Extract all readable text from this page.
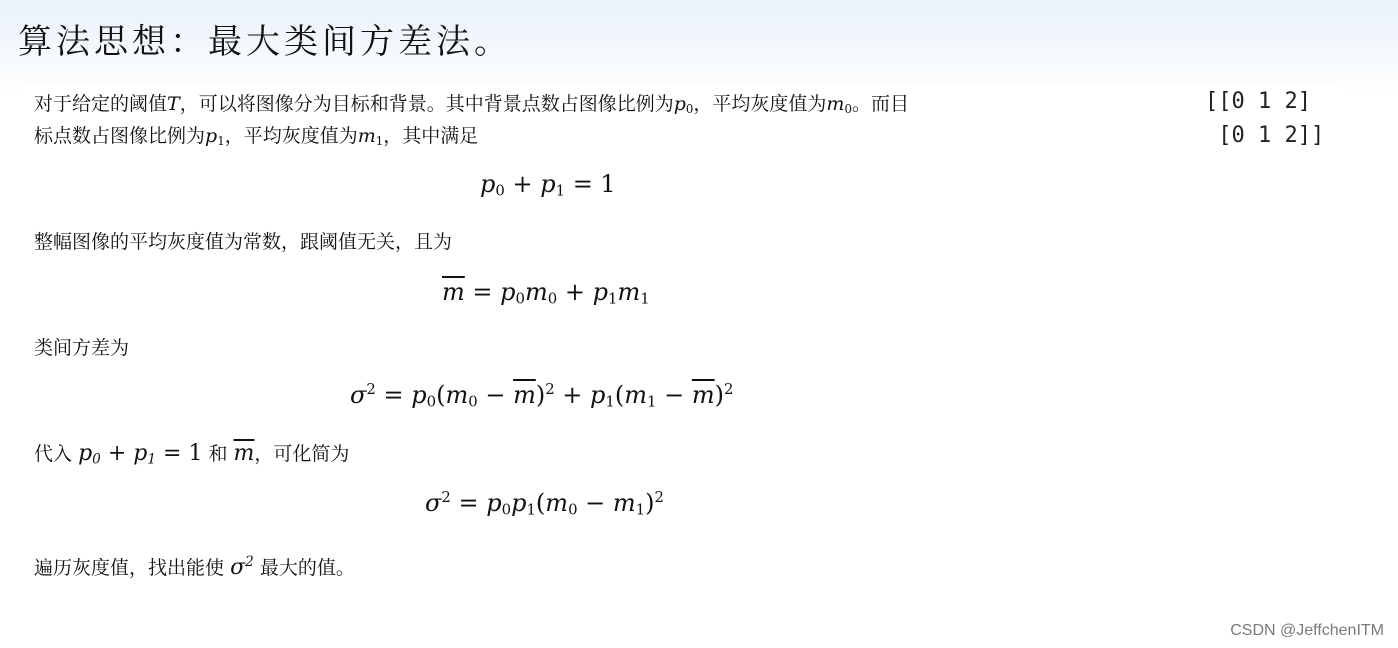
算法思想：最大类间方差法。
对于给定的阈值T，可以将图像分为目标和背景。其中背景点数占图像比例为$p_0$，平均灰度值为$m_0$。而目
标点数占图像比例为$p_1$，平均灰度值为$m_1$，其中满足
$p_0 + p_1 = 1$
整幅图像的平均灰度值为常数，跟阈值无关，且为
$\overline{m} = p_0m_0 + p_1m_1$
类间方差为
$\sigma^2 = p_0(m_0 - \overline{m})^2 + p_1(m_1 - \overline{m})^2$
代入 $p_0 + p_1 = 1$ 和 $\overline{m}$，可化简为
$\sigma^2 = p_0p_1(m_0 - m_1)^2$
遍历灰度值，找出能使 $\sigma^2$ 最大的值。
[[0 1 2]
[0 1 2]]
CSDN @JeffchenITM
